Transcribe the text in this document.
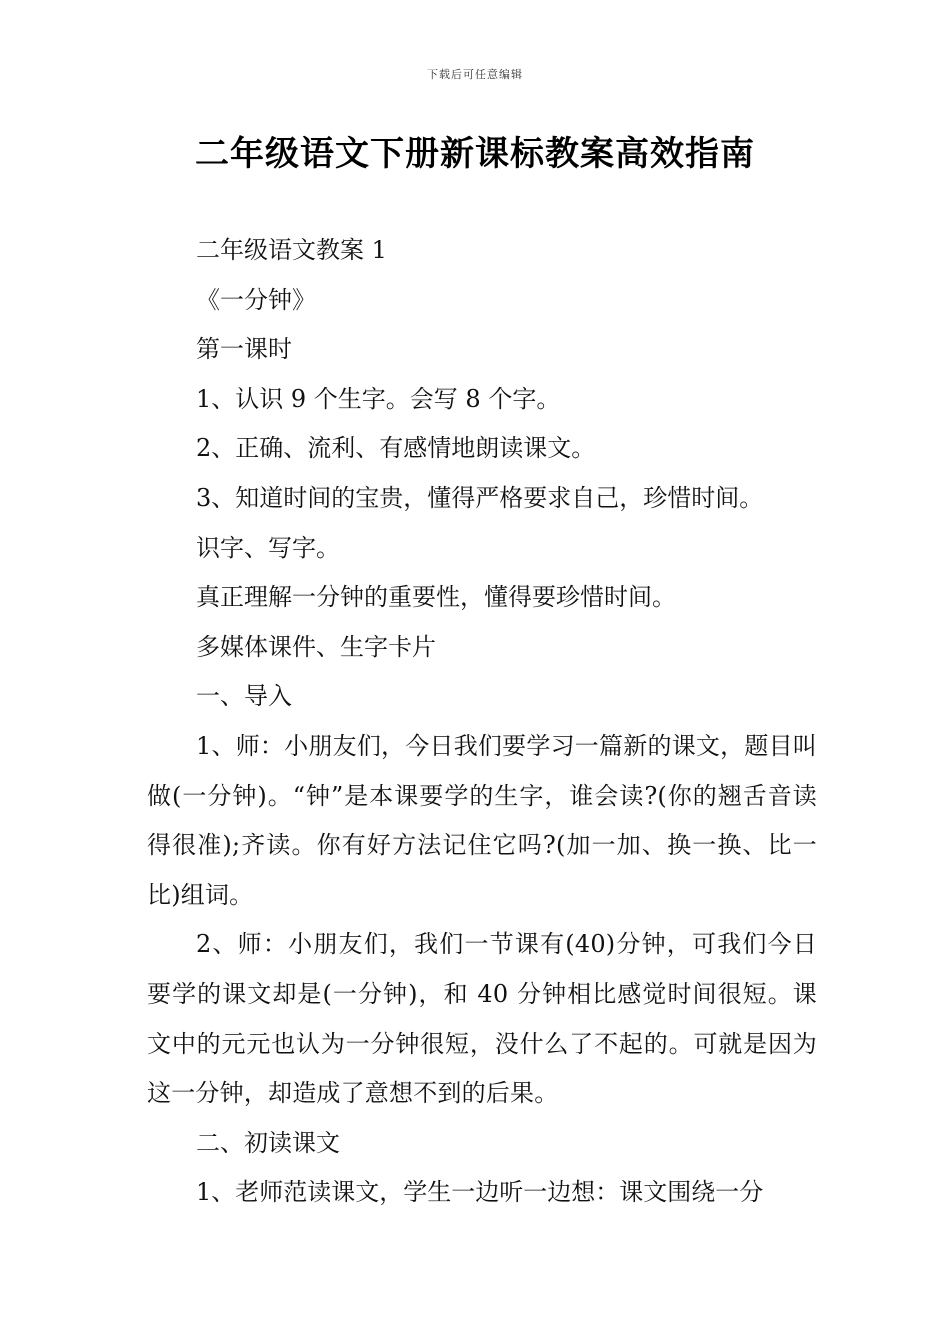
下载后可任意编辑
二年级语文下册新课标教案高效指南

二年级语文教案 1

《一分钟》

第一课时

1、认识 9 个生字。会写 8 个字。

2、正确、流利、有感情地朗读课文。

3、知道时间的宝贵，懂得严格要求自己，珍惜时间。

识字、写字。

真正理解一分钟的重要性，懂得要珍惜时间。

多媒体课件、生字卡片

一、导入

1、师：小朋友们，今日我们要学习一篇新的课文，题目叫做(一分钟)。“钟”是本课要学的生字，谁会读?(你的翘舌音读得很准);齐读。你有好方法记住它吗?(加一加、换一换、比一比)组词。

2、师：小朋友们，我们一节课有(40)分钟，可我们今日要学的课文却是(一分钟)，和 40 分钟相比感觉时间很短。课文中的元元也认为一分钟很短，没什么了不起的。可就是因为这一分钟，却造成了意想不到的后果。

二、初读课文

1、老师范读课文，学生一边听一边想：课文围绕一分
